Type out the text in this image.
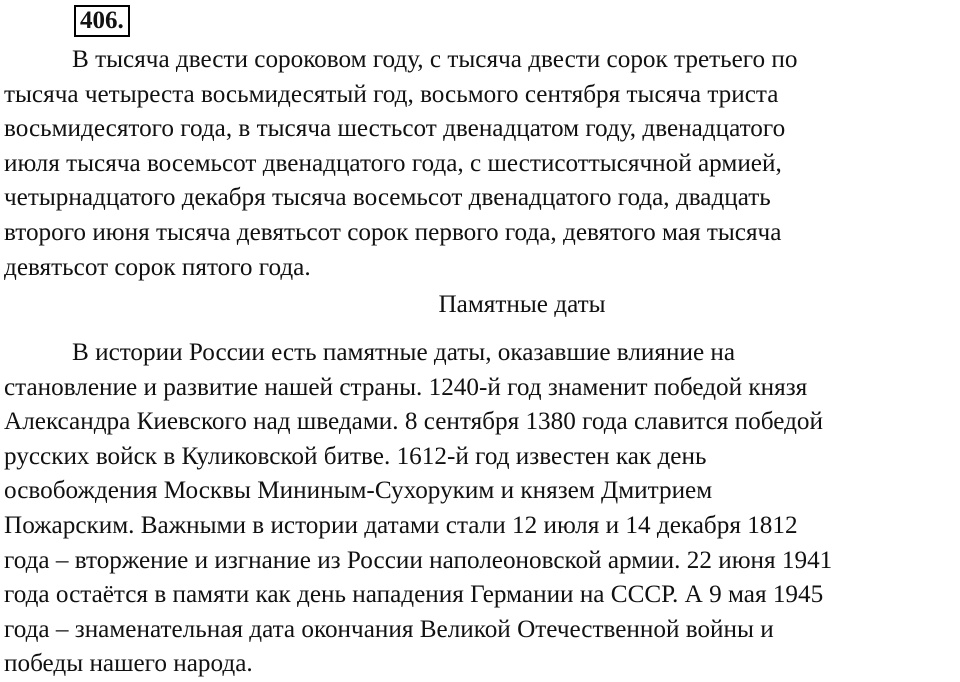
406.
В тысяча двести сороковом году, с тысяча двести сорок третьего по
тысяча четыреста восьмидесятый год, восьмого сентября тысяча триста
восьмидесятого года, в тысяча шестьсот двенадцатом году, двенадцатого
июля тысяча восемьсот двенадцатого года, с шестисоттысячной армией,
четырнадцатого декабря тысяча восемьсот двенадцатого года, двадцать
второго июня тысяча девятьсот сорок первого года, девятого мая тысяча
девятьсот сорок пятого года.
Памятные даты
В истории России есть памятные даты, оказавшие влияние на
становление и развитие нашей страны. 1240-й год знаменит победой князя
Александра Киевского над шведами. 8 сентября 1380 года славится победой
русских войск в Куликовской битве. 1612-й год известен как день
освобождения Москвы Мининым-Сухоруким и князем Дмитрием
Пожарским. Важными в истории датами стали 12 июля и 14 декабря 1812
года – вторжение и изгнание из России наполеоновской армии. 22 июня 1941
года остаётся в памяти как день нападения Германии на СССР. А 9 мая 1945
года – знаменательная дата окончания Великой Отечественной войны и
победы нашего народа.
